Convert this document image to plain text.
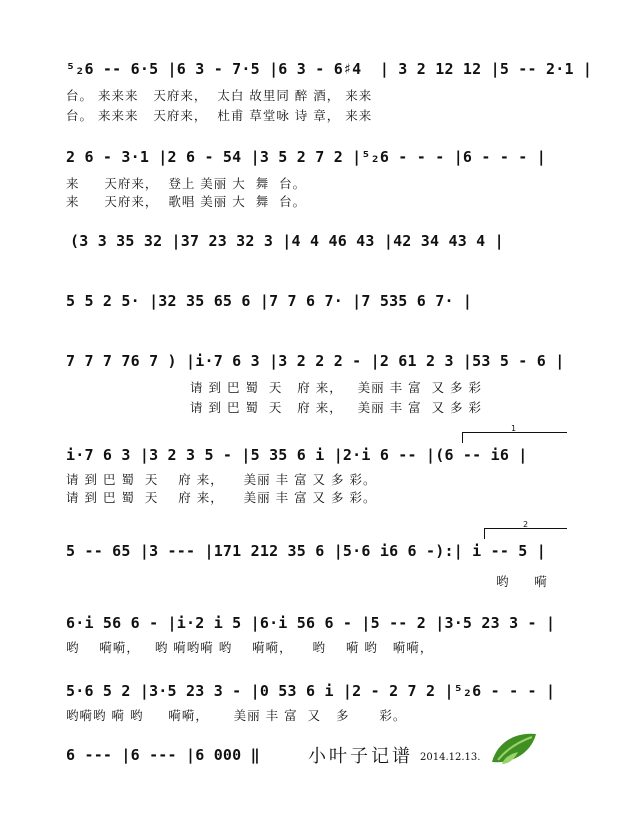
⁵₂6 -- 6·5 |6 3 - 7·5 |6 3 - 6♯4  | 3 2 12 12 |5 -- 2·1 |
台。 来来来   天府来，  太白 故里同 醉 酒， 来来
台。 来来来   天府来，  杜甫 草堂咏 诗 章， 来来
2 6 - 3·1 |2 6 - 54 |3 5 2 7 2 |⁵₂6 - - - |6 - - - |
来     天府来，  登上 美丽 大  舞  台。
来     天府来，  歌唱 美丽 大  舞  台。
(3 3 35 32 |37 23 32 3 |4 4 46 43 |42 34 43 4 |
5 5 2 5· |32 35 65 6 |7 7 6 7· |7 535 6 7· |
7 7 7 76 7 ) |i·7 6 3 |3 2 2 2 - |2 61 2 3 |53 5 - 6 |
请 到 巴 蜀  天   府 来，   美丽 丰 富  又 多 彩
请 到 巴 蜀  天   府 来，   美丽 丰 富  又 多 彩
1
i·7 6 3 |3 2 3 5 - |5 35 6 i |2·i 6 -- |(6 -- i6 |
请 到 巴 蜀  天    府 来，    美丽 丰 富 又 多 彩。
请 到 巴 蜀  天    府 来，    美丽 丰 富 又 多 彩。
2
5 -- 65 |3 --- |171 212 35 6 |5·6 i6 6 -):| i -- 5 |
哟     嗬
6·i 56 6 - |i·2 i 5 |6·i 56 6 - |5 -- 2 |3·5 23 3 - |
哟    嗬嗬，   哟 嗬哟嗬 哟    嗬嗬，    哟    嗬 哟   嗬嗬，
5·6 5 2 |3·5 23 3 - |0 53 6 i |2 - 2 7 2 |⁵₂6 - - - |
哟嗬哟 嗬 哟     嗬嗬，     美丽 丰 富  又   多      彩。
6 --- |6 --- |6 000 ‖	小叶子记谱 2014.12.13.
